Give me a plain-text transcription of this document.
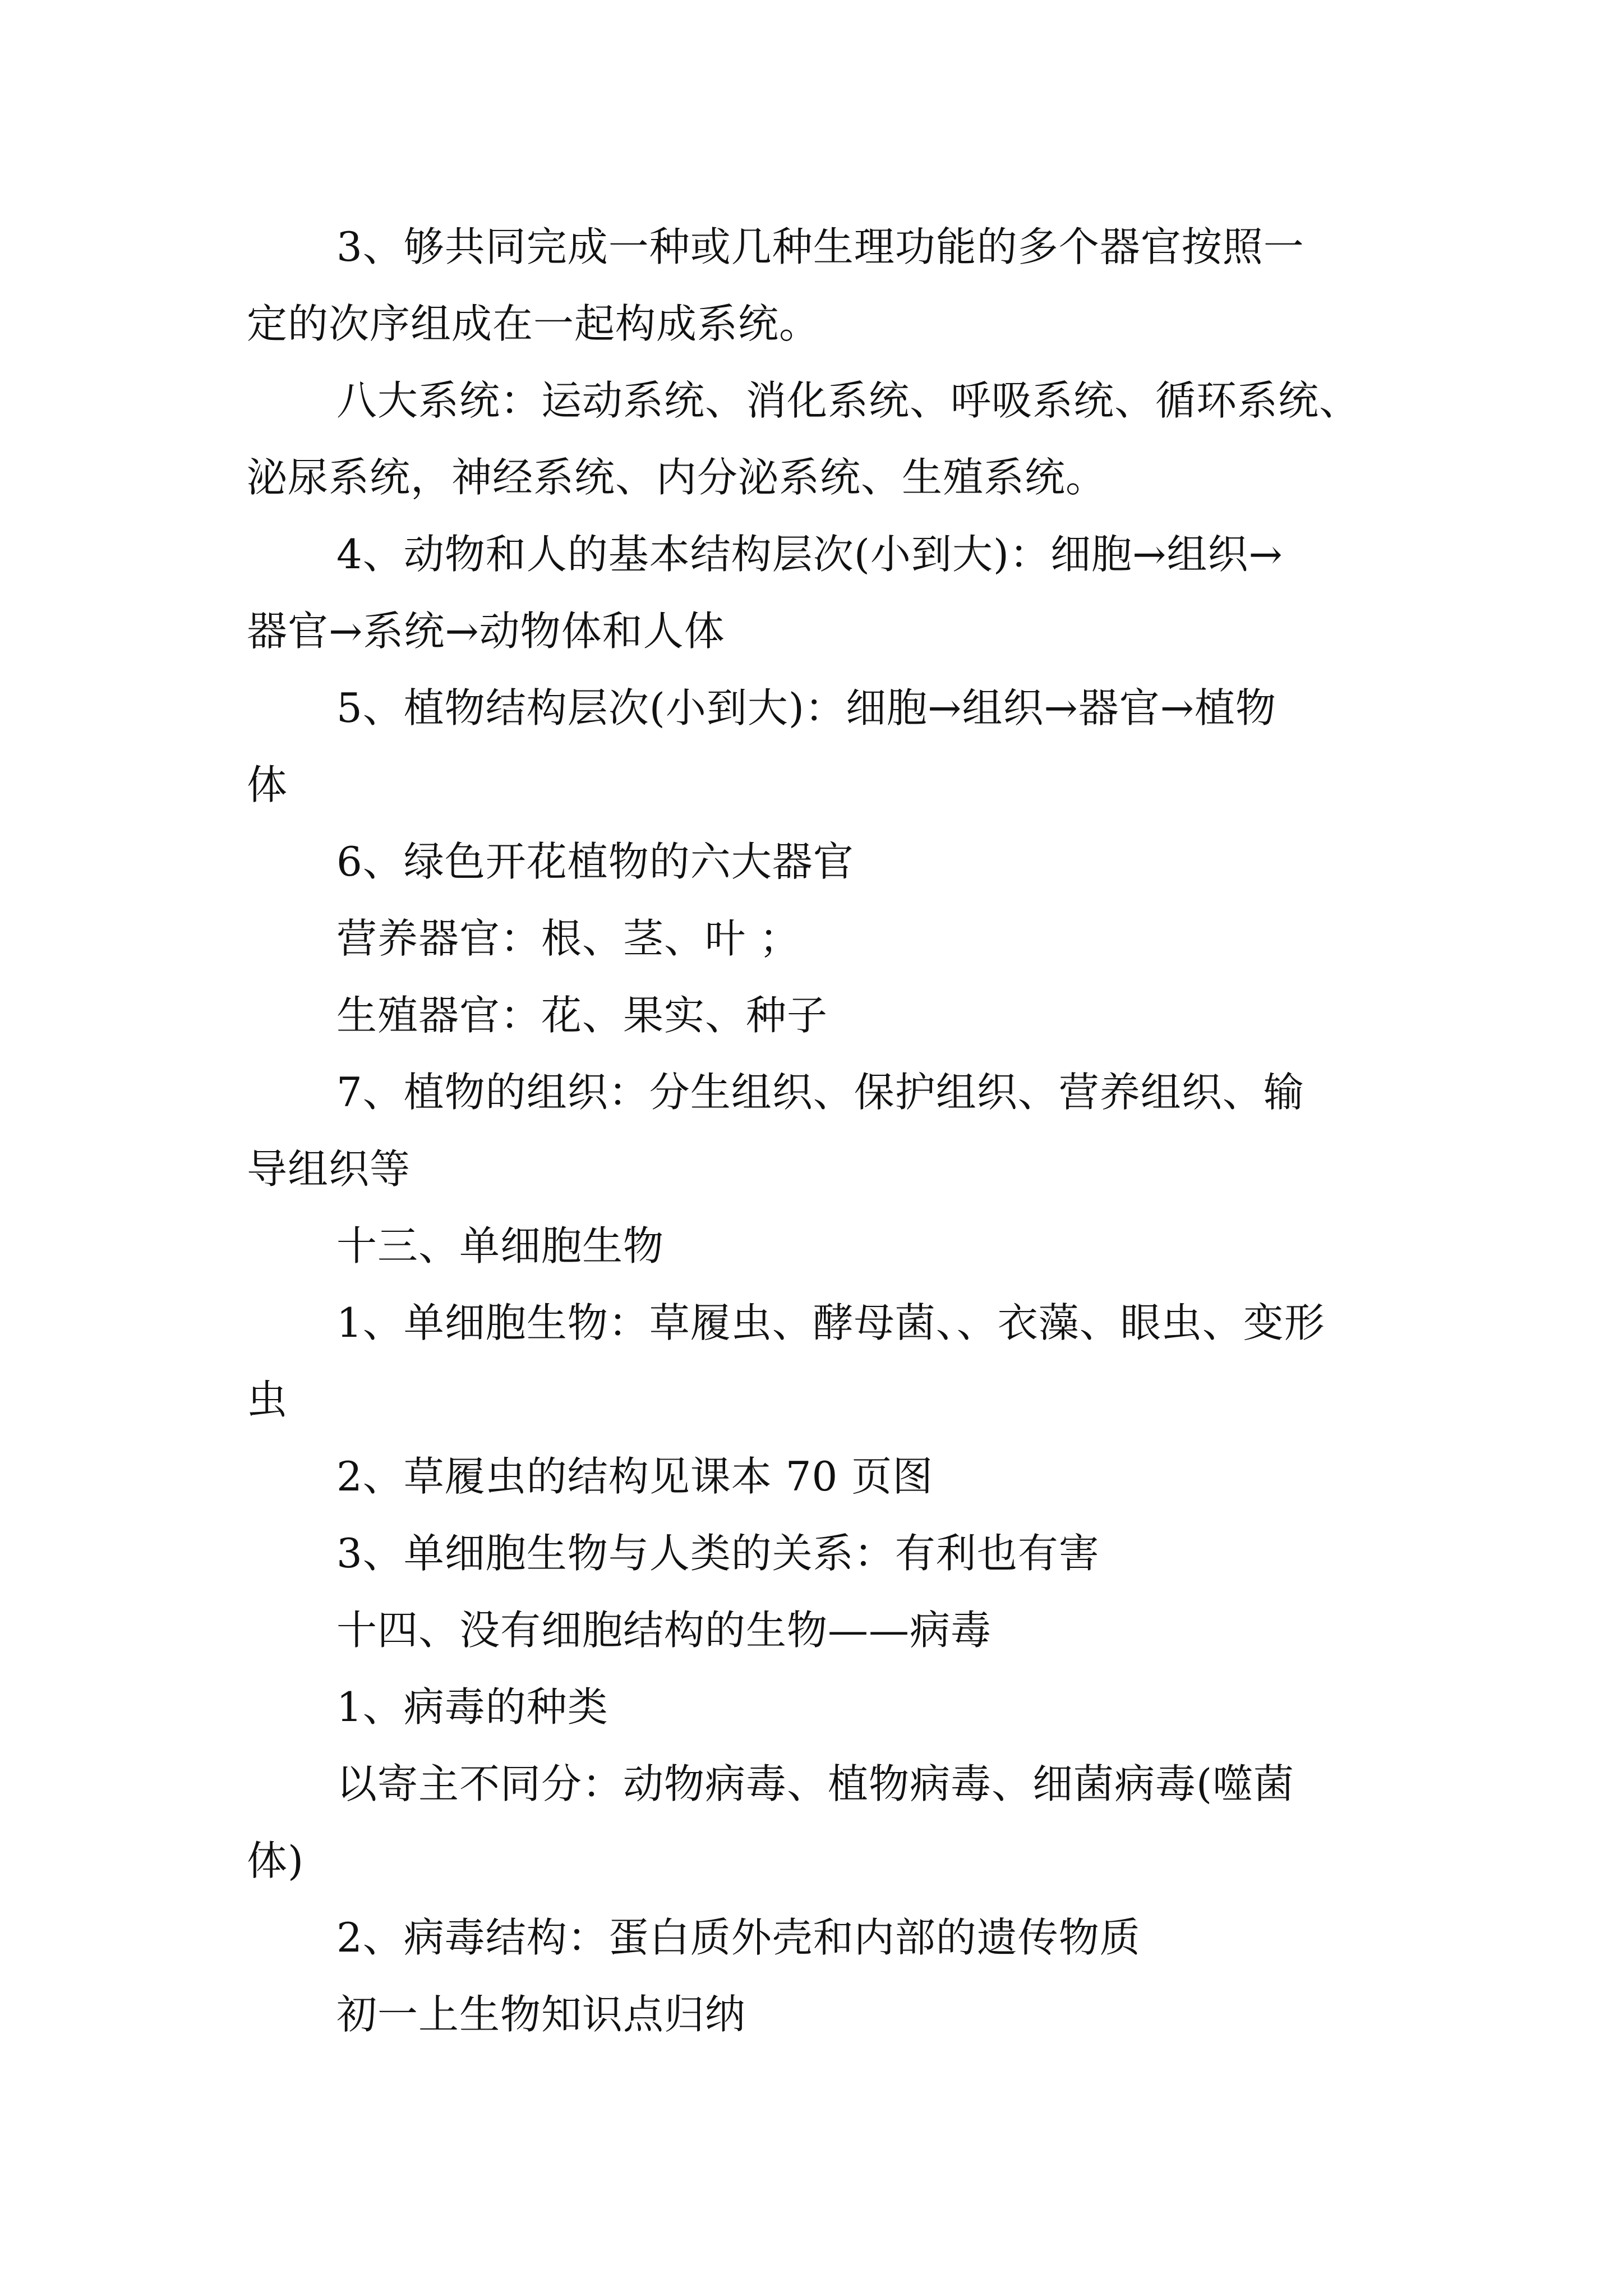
3、够共同完成一种或几种生理功能的多个器官按照一
定的次序组成在一起构成系统。
八大系统：运动系统、消化系统、呼吸系统、循环系统、
泌尿系统，神经系统、内分泌系统、生殖系统。
4、动物和人的基本结构层次(小到大)：细胞→组织→
器官→系统→动物体和人体
5、植物结构层次(小到大)：细胞→组织→器官→植物
体
6、绿色开花植物的六大器官
营养器官：根、茎、叶 ；
生殖器官：花、果实、种子
7、植物的组织：分生组织、保护组织、营养组织、输
导组织等
十三、单细胞生物
1、单细胞生物：草履虫、酵母菌、、衣藻、眼虫、变形
虫
2、草履虫的结构见课本 70 页图
3、单细胞生物与人类的关系：有利也有害
十四、没有细胞结构的生物——病毒
1、病毒的种类
以寄主不同分：动物病毒、植物病毒、细菌病毒(噬菌
体)
2、病毒结构：蛋白质外壳和内部的遗传物质
初一上生物知识点归纳
